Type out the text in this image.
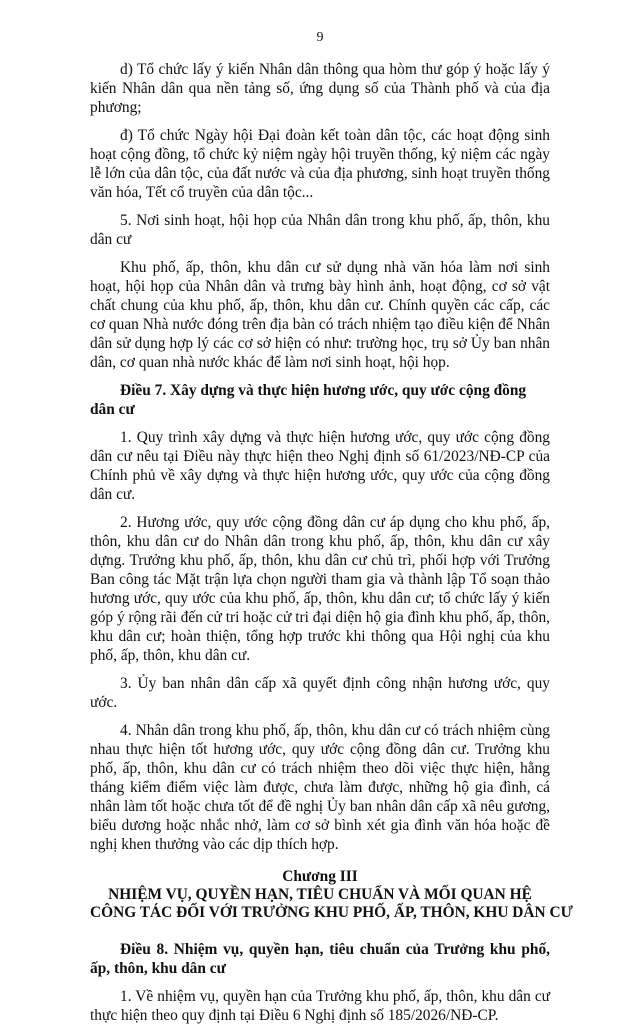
9

d) Tổ chức lấy ý kiến Nhân dân thông qua hòm thư góp ý hoặc lấy ý kiến Nhân dân qua nền tảng số, ứng dụng số của Thành phố và của địa phương;

đ) Tổ chức Ngày hội Đại đoàn kết toàn dân tộc, các hoạt động sinh hoạt cộng đồng, tổ chức kỷ niệm ngày hội truyền thống, kỷ niệm các ngày lễ lớn của dân tộc, của đất nước và của địa phương, sinh hoạt truyền thống văn hóa, Tết cổ truyền của dân tộc...

5. Nơi sinh hoạt, hội họp của Nhân dân trong khu phố, ấp, thôn, khu dân cư

Khu phố, ấp, thôn, khu dân cư sử dụng nhà văn hóa làm nơi sinh hoạt, hội họp của Nhân dân và trưng bày hình ảnh, hoạt động, cơ sở vật chất chung của khu phố, ấp, thôn, khu dân cư. Chính quyền các cấp, các cơ quan Nhà nước đóng trên địa bàn có trách nhiệm tạo điều kiện để Nhân dân sử dụng hợp lý các cơ sở hiện có như: trường học, trụ sở Ủy ban nhân dân, cơ quan nhà nước khác để làm nơi sinh hoạt, hội họp.

Điều 7. Xây dựng và thực hiện hương ước, quy ước cộng đồng dân cư

1. Quy trình xây dựng và thực hiện hương ước, quy ước cộng đồng dân cư nêu tại Điều này thực hiện theo Nghị định số 61/2023/NĐ-CP của Chính phủ về xây dựng và thực hiện hương ước, quy ước của cộng đồng dân cư.

2. Hương ước, quy ước cộng đồng dân cư áp dụng cho khu phố, ấp, thôn, khu dân cư do Nhân dân trong khu phố, ấp, thôn, khu dân cư xây dựng. Trưởng khu phố, ấp, thôn, khu dân cư chủ trì, phối hợp với Trưởng Ban công tác Mặt trận lựa chọn người tham gia và thành lập Tổ soạn thảo hương ước, quy ước của khu phố, ấp, thôn, khu dân cư; tổ chức lấy ý kiến góp ý rộng rãi đến cử tri hoặc cử tri đại diện hộ gia đình khu phố, ấp, thôn, khu dân cư; hoàn thiện, tổng hợp trước khi thông qua Hội nghị của khu phố, ấp, thôn, khu dân cư.

3. Ủy ban nhân dân cấp xã quyết định công nhận hương ước, quy ước.

4. Nhân dân trong khu phố, ấp, thôn, khu dân cư có trách nhiệm cùng nhau thực hiện tốt hương ước, quy ước cộng đồng dân cư. Trưởng khu phố, ấp, thôn, khu dân cư có trách nhiệm theo dõi việc thực hiện, hằng tháng kiểm điểm việc làm được, chưa làm được, những hộ gia đình, cá nhân làm tốt hoặc chưa tốt để đề nghị Ủy ban nhân dân cấp xã nêu gương, biểu dương hoặc nhắc nhở, làm cơ sở bình xét gia đình văn hóa hoặc đề nghị khen thưởng vào các dịp thích hợp.

Chương III
NHIỆM VỤ, QUYỀN HẠN, TIÊU CHUẨN VÀ MỐI QUAN HỆ
CÔNG TÁC ĐỐI VỚI TRƯỞNG KHU PHỐ, ẤP, THÔN, KHU DÂN CƯ

Điều 8. Nhiệm vụ, quyền hạn, tiêu chuẩn của Trưởng khu phố, ấp, thôn, khu dân cư

1. Về nhiệm vụ, quyền hạn của Trưởng khu phố, ấp, thôn, khu dân cư thực hiện theo quy định tại Điều 6 Nghị định số 185/2026/NĐ-CP.
